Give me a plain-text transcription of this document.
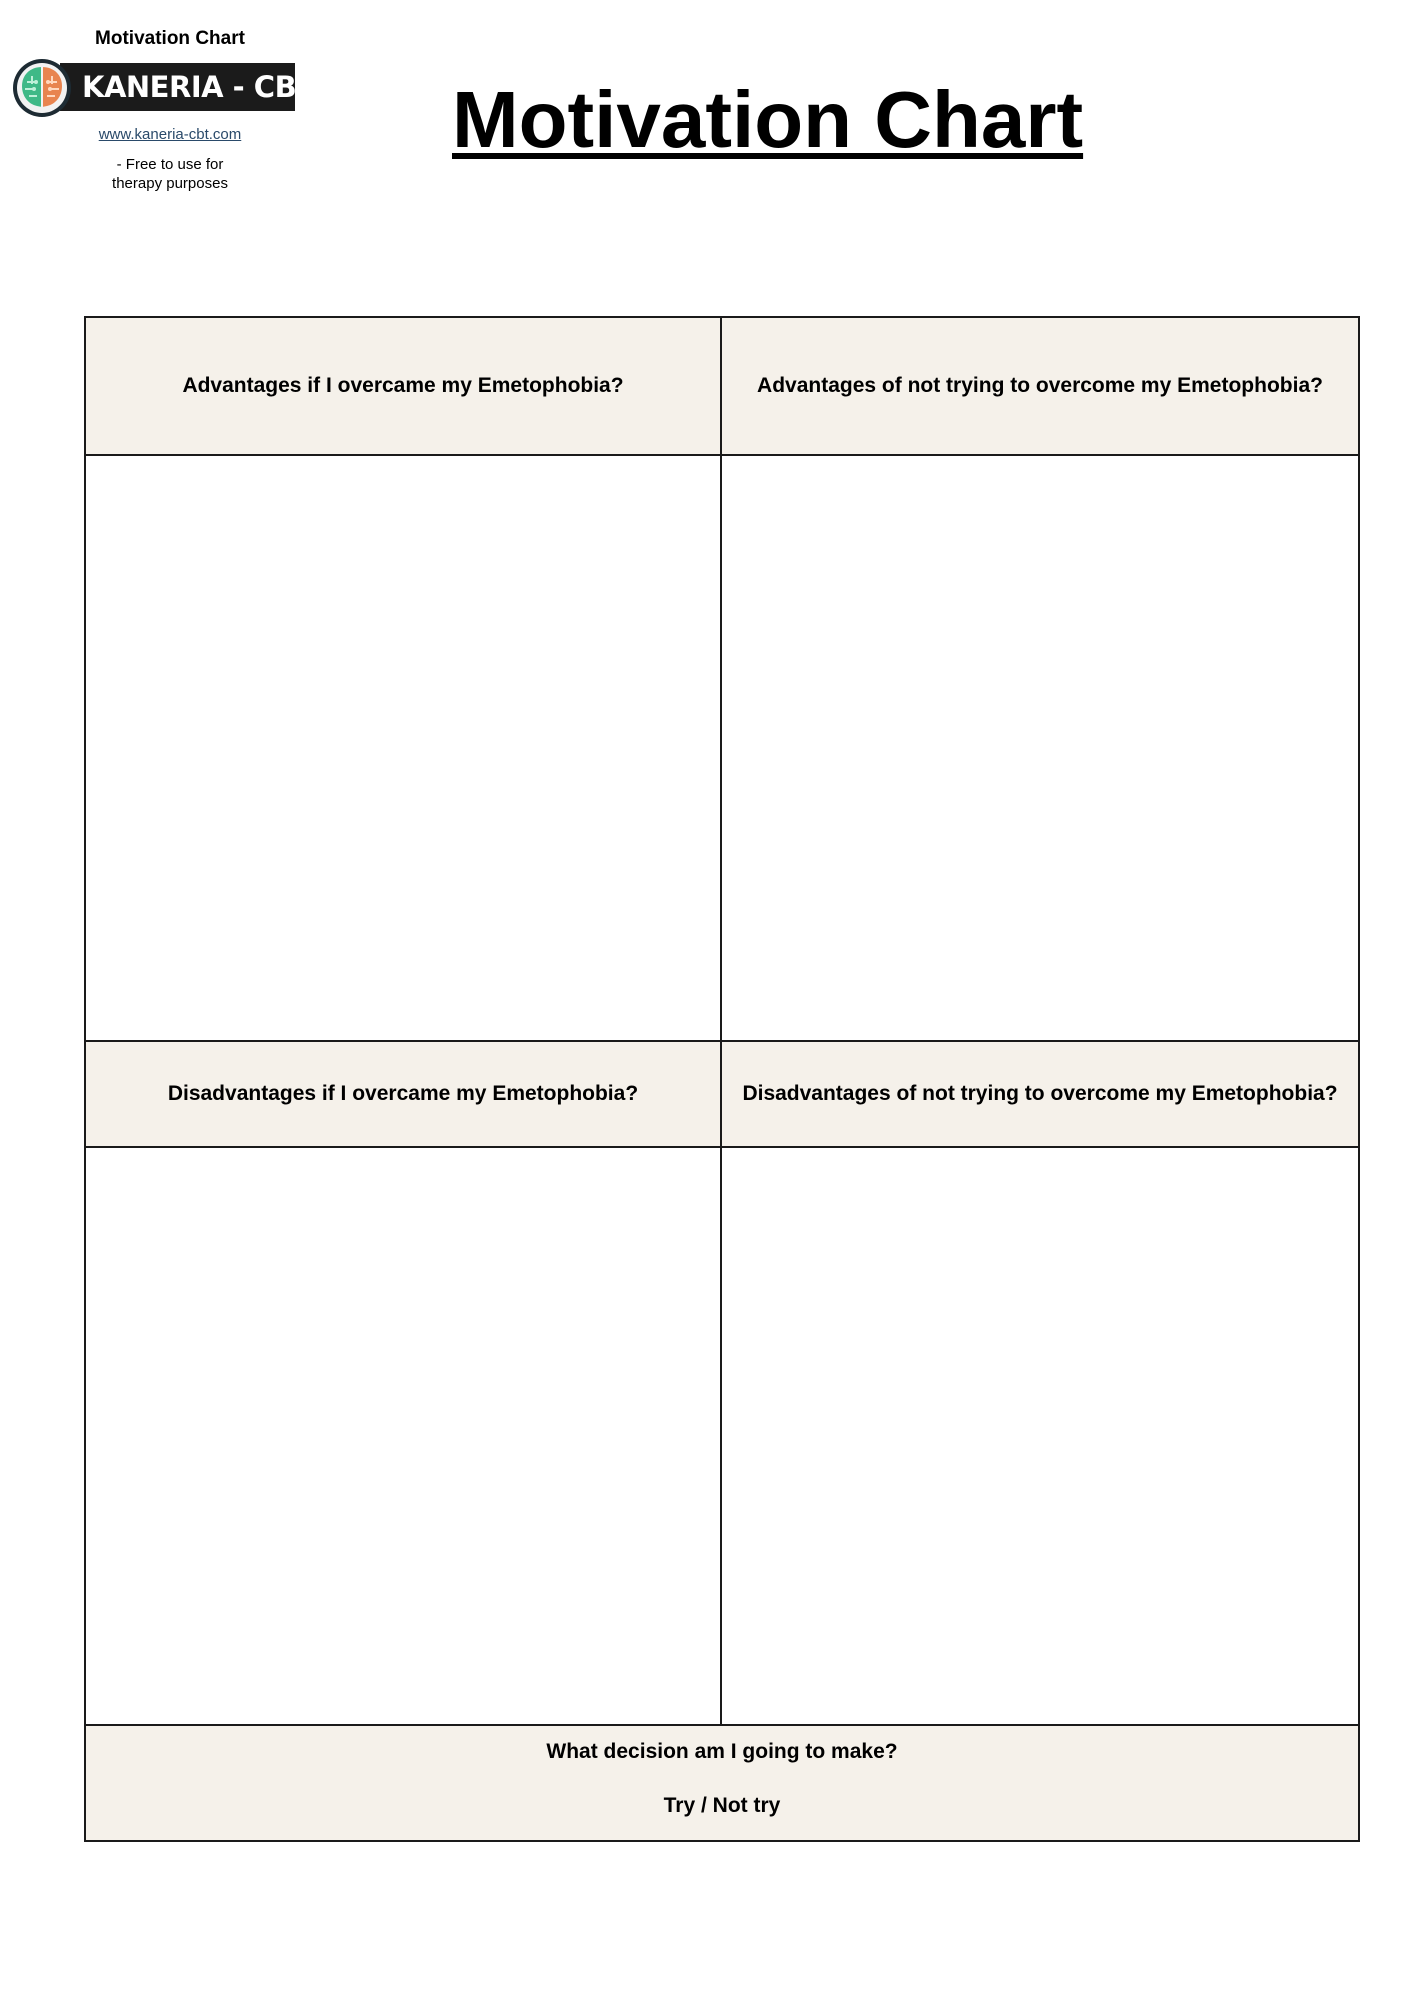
Motivation Chart
KANERIA - CBT
www.kaneria-cbt.com
- Free to use for
therapy purposes
Motivation Chart
Advantages if I overcame my Emetophobia?	Advantages of not trying to overcome my Emetophobia?
Disadvantages if I overcame my Emetophobia?	Disadvantages of not trying to overcome my Emetophobia?
What decision am I going to make?
Try / Not try
